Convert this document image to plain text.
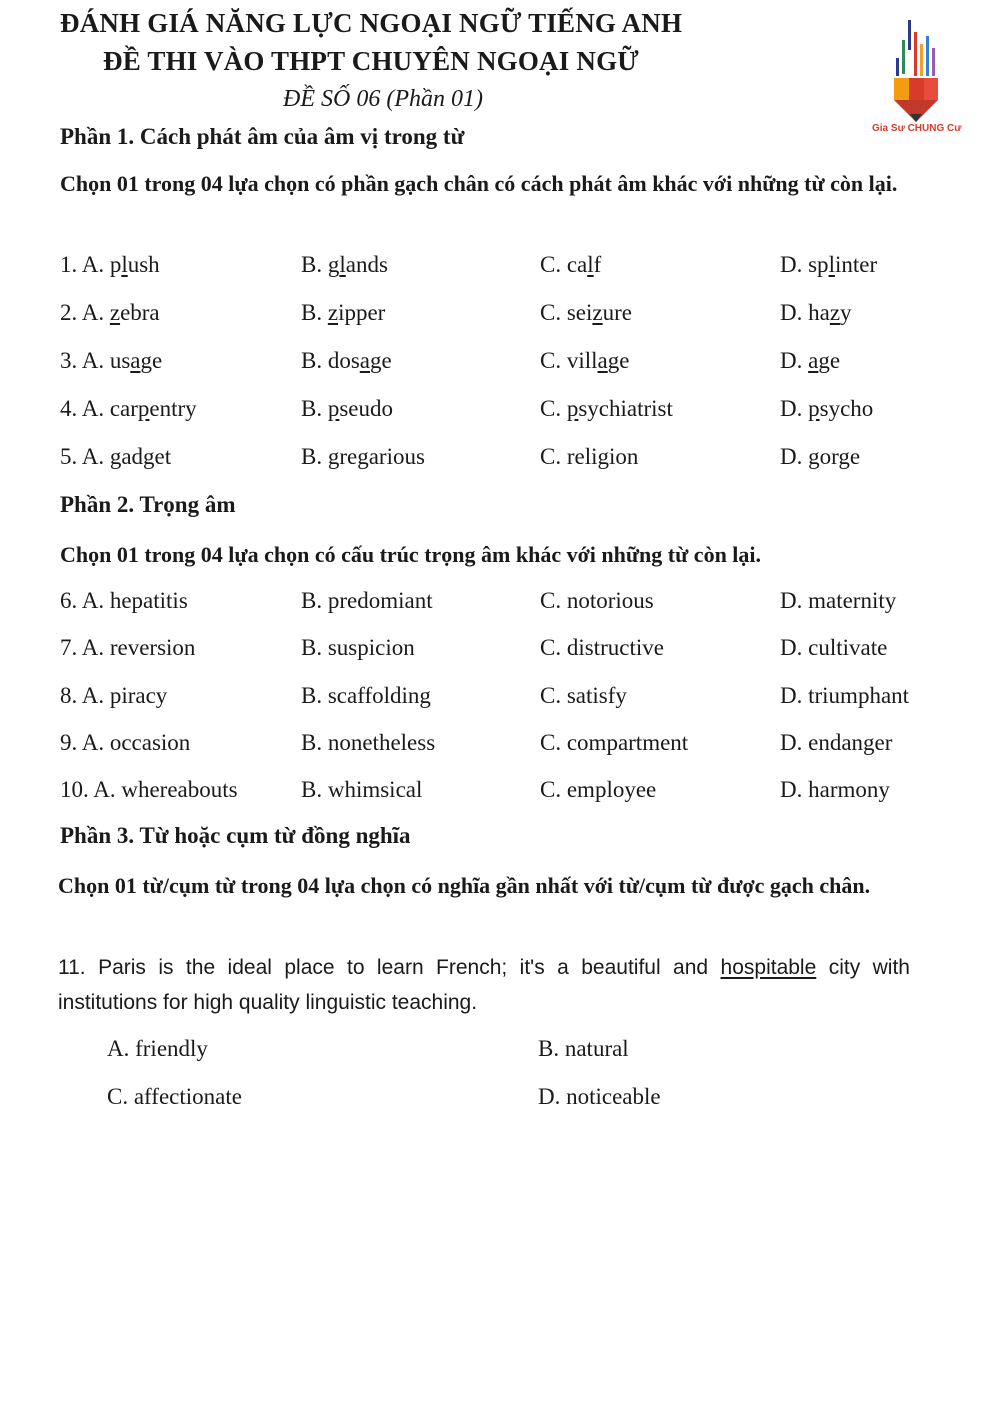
ĐÁNH GIÁ NĂNG LỰC NGOẠI NGỮ TIẾNG ANH
ĐỀ THI VÀO THPT CHUYÊN NGOẠI NGỮ
ĐỀ SỐ 06 (Phần 01)
Gia Sư CHUNG Cư
Phần 1. Cách phát âm của âm vị trong từ
Chọn 01 trong 04 lựa chọn có phần gạch chân có cách phát âm khác với những từ còn lại.
1. A. plush	B. glands	C. calf	D. splinter
2. A. zebra	B. zipper	C. seizure	D. hazy
3. A. usage	B. dosage	C. village	D. age
4. A. carpentry	B. pseudo	C. psychiatrist	D. psycho
5. A. gadget	B. gregarious	C. religion	D. gorge
Phần 2. Trọng âm
Chọn 01 trong 04 lựa chọn có cấu trúc trọng âm khác với những từ còn lại.
6. A. hepatitis	B. predomiant	C. notorious	D. maternity
7. A. reversion	B. suspicion	C. distructive	D. cultivate
8. A. piracy	B. scaffolding	C. satisfy	D. triumphant
9. A. occasion	B. nonetheless	C. compartment	D. endanger
10. A. whereabouts	B. whimsical	C. employee	D. harmony
Phần 3. Từ hoặc cụm từ đồng nghĩa
Chọn 01 từ/cụm từ trong 04 lựa chọn có nghĩa gần nhất với từ/cụm từ được gạch chân.
11. Paris is the ideal place to learn French; it's a beautiful and hospitable city with institutions for high quality linguistic teaching.
A. friendly	B. natural
C. affectionate	D. noticeable
